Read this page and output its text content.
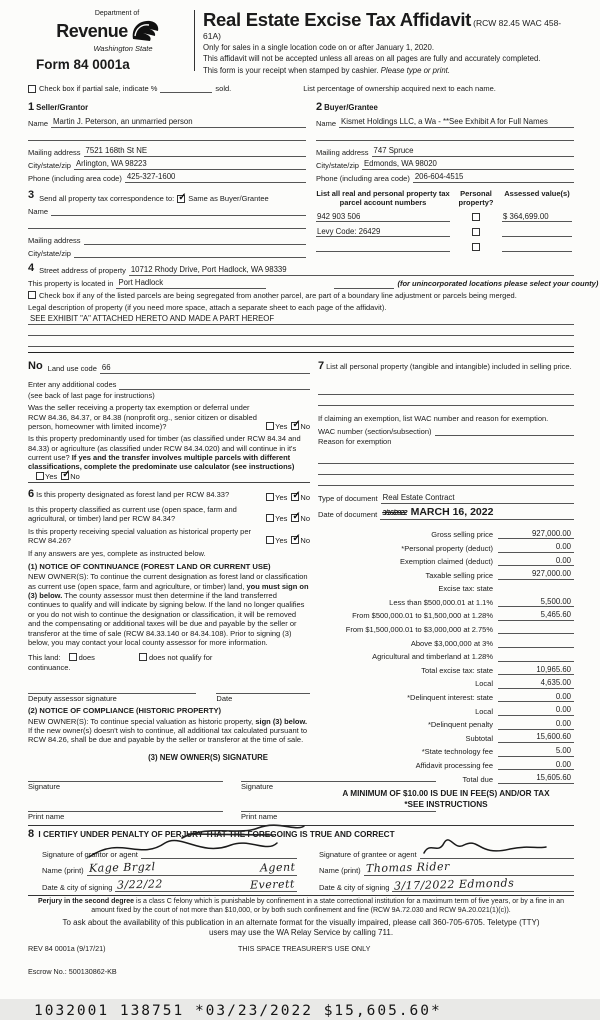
Department of
Revenue
Washington State
Form 84 0001a
Real Estate Excise Tax Affidavit (RCW 82.45 WAC 458-61A)
Only for sales in a single location code on or after January 1, 2020.
This affidavit will not be accepted unless all areas on all pages are fully and accurately completed.
This form is your receipt when stamped by cashier. Please type or print.
Check box if partial sale, indicate %	sold.	List percentage of ownership acquired next to each name.
1 Seller/Grantor
Name Martin J. Peterson, an unmarried person
Mailing address 7521 168th St NE
City/state/zip Arlington, WA 98223
Phone (including area code) 425-327-1600
3 Send all property tax correspondence to: ✓ Same as Buyer/Grantee
Name
Mailing address
City/state/zip
2 Buyer/Grantee
Name Kismet Holdings LLC, a Wa - **See Exhibit A for Full Names
Mailing address 747 Spruce
City/state/zip Edmonds, WA 98020
Phone (including area code) 206-604-4515
List all real and personal property tax parcel account numbers
Personal property?
Assessed value(s)
942 903 506	$ 364,699.00
Levy Code: 26429
4 Street address of property 10712 Rhody Drive, Port Hadlock, WA 98339
This property is located in Port Hadlock	(for unincorporated locations please select your county)
Check box if any of the listed parcels are being segregated from another parcel, are part of a boundary line adjustment or parcels being merged.
Legal description of property (if you need more space, attach a separate sheet to each page of the affidavit).
SEE EXHIBIT "A" ATTACHED HERETO AND MADE A PART HEREOF
No Land use code 66
Enter any additional codes
(see back of last page for instructions)
Was the seller receiving a property tax exemption or deferral under RCW 84.36, 84.37, or 84.38 (nonprofit org., senior citizen or disabled person, homeowner with limited income)?	Yes ✓ No
Is this property predominantly used for timber (as classified under RCW 84.34 and 84.33) or agriculture (as classified under RCW 84.34.020) and will continue in it's current use? If yes and the transfer involves multiple parcels with different classifications, complete the predominate use calculator (see instructions) Yes ✓ No
6 Is this property designated as forest land per RCW 84.33?	Yes ✓ No
Is this property classified as current use (open space, farm and agricultural, or timber) land per RCW 84.34?	Yes ✓ No
Is this property receiving special valuation as historical property per RCW 84.26?	Yes ✓ No
If any answers are yes, complete as instructed below.
(1) NOTICE OF CONTINUANCE (FOREST LAND OR CURRENT USE)
NEW OWNER(S): To continue the current designation as forest land or classification as current use (open space, farm and agriculture, or timber) land, you must sign on (3) below. The county assessor must then determine if the land transferred continues to qualify and will indicate by signing below. If the land no longer qualifies or you do not wish to continue the designation or classification, it will be removed and the compensating or additional taxes will be due and payable by the seller or transferor at the time of sale (RCW 84.33.140 or 84.34.108). Prior to signing (3) below, you may contact your local county assessor for more information.
This land:	does	does not qualify for
continuance.
Deputy assessor signature	Date
(2) NOTICE OF COMPLIANCE (HISTORIC PROPERTY)
NEW OWNER(S): To continue special valuation as historic property, sign (3) below. If the new owner(s) doesn't wish to continue, all additional tax calculated pursuant to RCW 84.26, shall be due and payable by the seller or transferor at the time of sale.
(3) NEW OWNER(S) SIGNATURE
Signature
Print name
Signature
Print name
7 List all personal property (tangible and intangible) included in selling price.
If claiming an exemption, list WAC number and reason for exemption.
WAC number (section/subsection)
Reason for exemption
Type of document Real Estate Contract
Date of document 3/16/2022 MARCH 16, 2022
Gross selling price	927,000.00
*Personal property (deduct)	0.00
Exemption claimed (deduct)	0.00
Taxable selling price	927,000.00
Excise tax: state
Less than $500,000.01 at 1.1%	5,500.00
From $500,000.01 to $1,500,000 at 1.28%	5,465.60
From $1,500,000.01 to $3,000,000 at 2.75%
Above $3,000,000 at 3%
Agricultural and timberland at 1.28%
Total excise tax: state	10,965.60
Local	4,635.00
*Delinquent interest: state	0.00
Local	0.00
*Delinquent penalty	0.00
Subtotal	15,600.60
*State technology fee	5.00
Affidavit processing fee	0.00
Total due	15,605.60
A MINIMUM OF $10.00 IS DUE IN FEE(S) AND/OR TAX
*SEE INSTRUCTIONS
8 I CERTIFY UNDER PENALTY OF PERJURY THAT THE FOREGOING IS TRUE AND CORRECT
Signature of grantor or agent
Name (print) Kage Brgzl	Agent
Date & city of signing 3/22/22	Everett
Signature of grantee or agent
Name (print) Thomas Rider
Date & city of signing 3/17/2022 Edmonds
Perjury in the second degree is a class C felony which is punishable by confinement in a state correctional institution for a maximum term of five years, or by a fine in an amount fixed by the court of not more than $10,000, or by both such confinement and fine (RCW 9A.72.030 and RCW 9A.20.021(1)(c)).
To ask about the availability of this publication in an alternate format for the visually impaired, please call 360-705-6705. Teletype (TTY) users may use the WA Relay Service by calling 711.
REV 84 0001a (9/17/21)	THIS SPACE TREASURER'S USE ONLY
Escrow No.: 500130862-KB
1032001 138751 *03/23/2022 $15,605.60*
